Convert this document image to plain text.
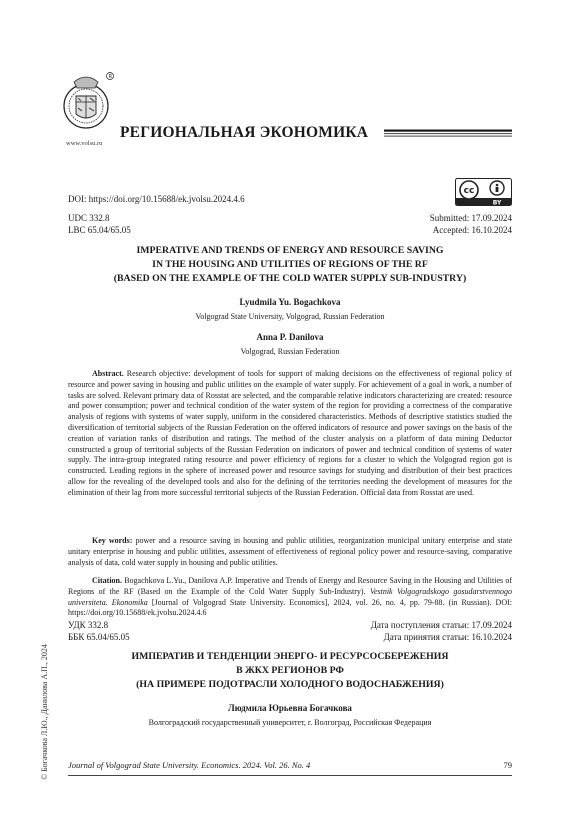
R
www.volsu.ru
РЕГИОНАЛЬНАЯ ЭКОНОМИКА
DOI: https://doi.org/10.15688/ek.jvolsu.2024.4.6
cc
BY
UDC 332.8	Submitted: 17.09.2024
LBC 65.04/65.05	Accepted: 16.10.2024
IMPERATIVE AND TRENDS OF ENERGY AND RESOURCE SAVING
IN THE HOUSING AND UTILITIES OF REGIONS OF THE RF
(BASED ON THE EXAMPLE OF THE COLD WATER SUPPLY SUB-INDUSTRY)
Lyudmila Yu. Bogachkova
Volgograd State University, Volgograd, Russian Federation
Anna P. Danilova
Volgograd, Russian Federation
Abstract. Research objective: development of tools for support of making decisions on the effectiveness of regional policy of resource and power saving in housing and public utilities on the example of water supply. For achievement of a goal in work, a number of tasks are solved. Relevant primary data of Rosstat are selected, and the comparable relative indicators characterizing are created: resource and power consumption; power and technical condition of the water system of the region for providing a correctness of the comparative analysis of regions with systems of water supply, uniform in the considered characteristics. Methods of descriptive statistics studied the diversification of territorial subjects of the Russian Federation on the offered indicators of resource and power savings on the basis of the creation of variation ranks of distribution and ratings. The method of the cluster analysis on a platform of data mining Deductor constructed a group of territorial subjects of the Russian Federation on indicators of power and technical condition of systems of water supply. The intra-group integrated rating resource and power efficiency of regions for a cluster to which the Volgograd region got is constructed. Leading regions in the sphere of increased power and resource savings for studying and distribution of their best practices allow for the revealing of the developed tools and also for the defining of the territories needing the development of measures for the elimination of their lag from more successful territorial subjects of the Russian Federation. Official data from Rosstat are used.
Key words: power and a resource saving in housing and public utilities, reorganization municipal unitary enterprise and state unitary enterprise in housing and public utilities, assessment of effectiveness of regional policy power and resource-saving, comparative analysis of data, cold water supply in housing and public utilities.
Citation. Bogachkova L.Yu., Danilova A.P. Imperative and Trends of Energy and Resource Saving in the Housing and Utilities of Regions of the RF (Based on the Example of the Cold Water Supply Sub-Industry). Vestnik Volgogradskogo gosudarstvennogo universiteta. Ekonomika [Journal of Volgograd State University. Economics], 2024, vol. 26, no. 4, pp. 79-88. (in Russian). DOI: https://doi.org/10.15688/ek.jvolsu.2024.4.6
УДК 332.8	Дата поступления статьи: 17.09.2024
ББК 65.04/65.05	Дата принятия статьи: 16.10.2024
ИМПЕРАТИВ И ТЕНДЕНЦИИ ЭНЕРГО- И РЕСУРСОСБЕРЕЖЕНИЯ
В ЖКХ РЕГИОНОВ РФ
(НА ПРИМЕРЕ ПОДОТРАСЛИ ХОЛОДНОГО ВОДОСНАБЖЕНИЯ)
Людмила Юрьевна Богачкова
Волгоградский государственный университет, г. Волгоград, Российская Федерация
© Богачкова Л.Ю., Данилова А.П., 2024 Journal of Volgograd State University. Economics. 2024. Vol. 26. No. 4	79
